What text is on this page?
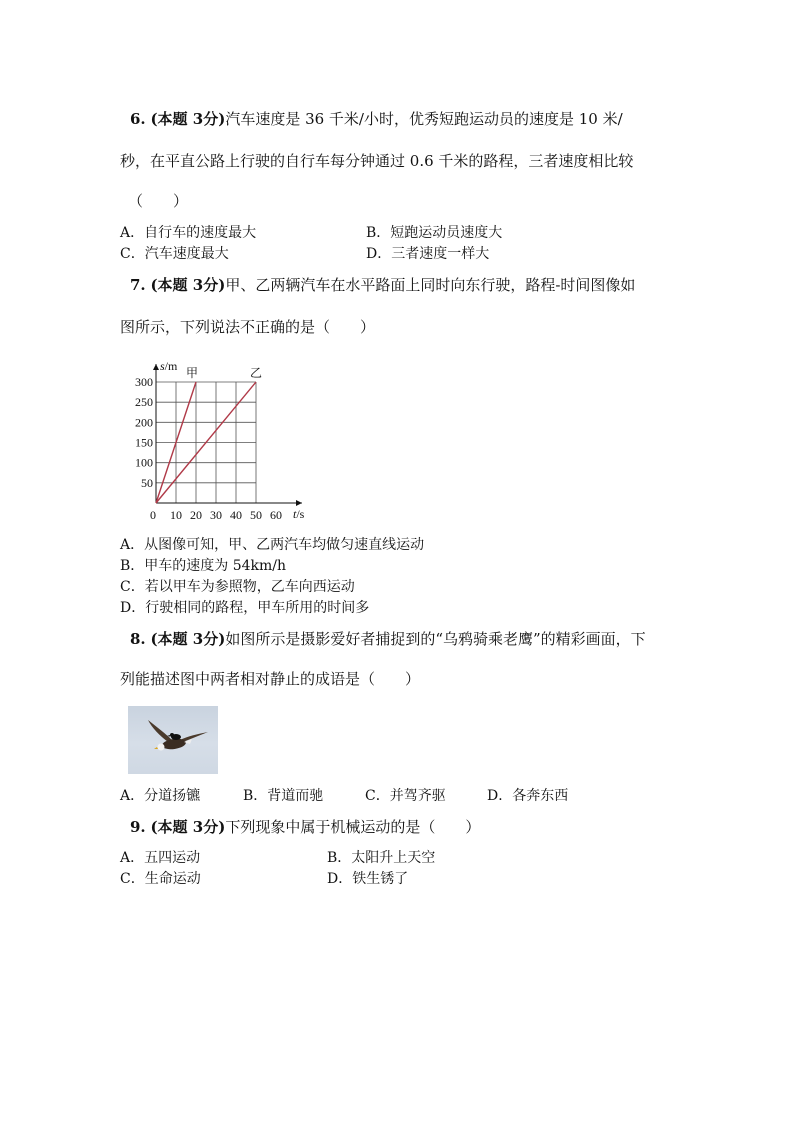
6. (本题 3分)汽车速度是 36 千米/小时，优秀短跑运动员的速度是 10 米/
秒，在平直公路上行驶的自行车每分钟通过 0.6 千米的路程，三者速度相比较
（　　）
A．自行车的速度最大	B．短跑运动员速度大
C．汽车速度最大	D．三者速度一样大
7. (本题 3分)甲、乙两辆汽车在水平路面上同时向东行驶，路程-时间图像如
图所示，下列说法不正确的是（　　）
s/m
t/s
0 10 20 30 40 50 60
50
100
150
200
250
300
甲	乙
A．从图像可知，甲、乙两汽车均做匀速直线运动
B．甲车的速度为 54km/h
C．若以甲车为参照物，乙车向西运动
D．行驶相同的路程，甲车所用的时间多
8. (本题 3分)如图所示是摄影爱好者捕捉到的“乌鸦骑乘老鹰”的精彩画面，下
列能描述图中两者相对静止的成语是（　　）
A．分道扬镳	B．背道而驰	C．并驾齐驱	D．各奔东西
9. (本题 3分)下列现象中属于机械运动的是（　　）
A．五四运动	B．太阳升上天空
C．生命运动	D．铁生锈了
